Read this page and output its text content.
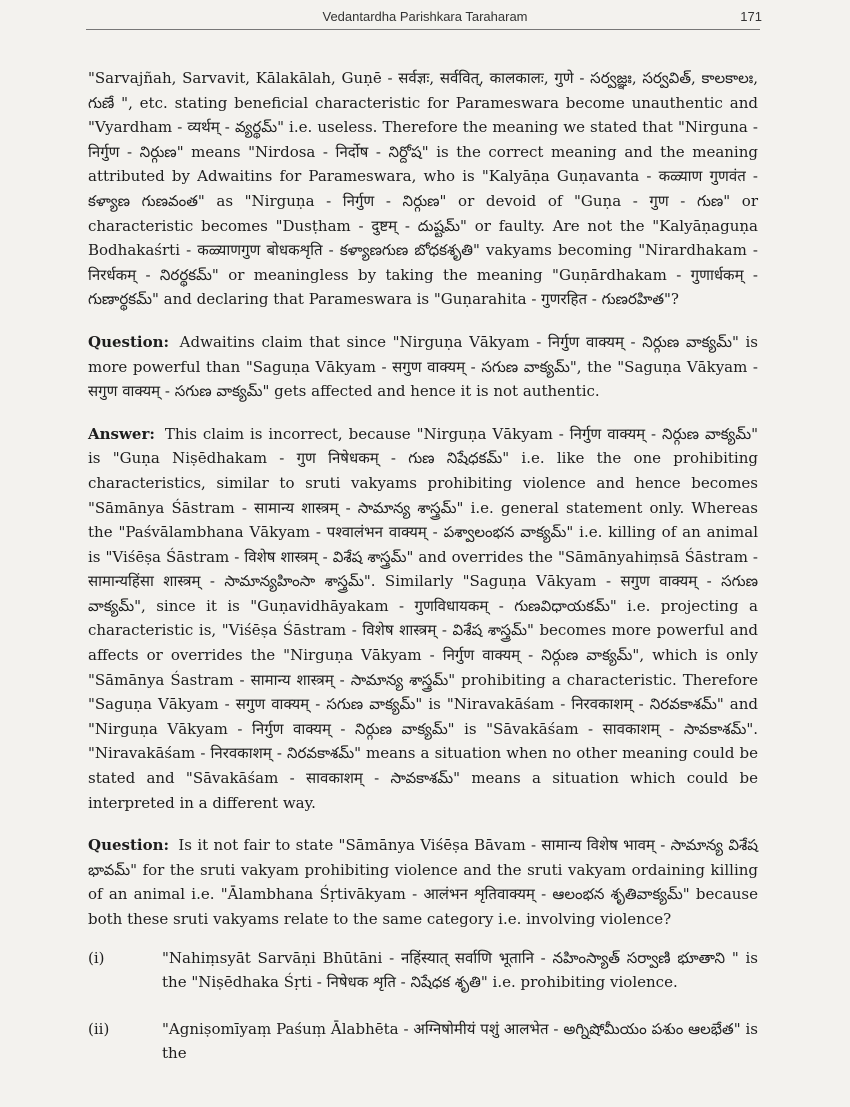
Vedantardha Parishkara Taraharam	171

"Sarvajñah, Sarvavit, Kālakālah, Guṇē - सर्वज्ञः, सर्ववित्, कालकालः, गुणे - సర్వజ్ఞః, సర్వవిత్, కాలకాలః, గుణే ", etc. stating beneficial characteristic for Parameswara become unauthentic and "Vyardham - व्यर्थम् - వ్యర్థమ్" i.e. useless. Therefore the meaning we stated that "Nirguna - निर्गुण - నిర్గుణ" means "Nirdosa - निर्दोष - నిర్దోష" is the correct meaning and the meaning attributed by Adwaitins for Parameswara, who is "Kalyāṇa Guṇavanta - कळ्याण गुणवंत - కళ్యాణ గుణవంత" as "Nirguṇa - निर्गुण - నిర్గుణ" or devoid of "Guṇa - गुण - గుణ" or characteristic becomes "Dusṭham - दुष्टम् - దుష్టమ్" or faulty. Are not the "Kalyāṇaguṇa Bodhakaśrti - कळ्याणगुण बोधकशृति - కళ్యాణగుణ బోధకశృతి" vakyams becoming "Nirardhakam - निरर्धकम् - నిరర్థకమ్" or meaningless by taking the meaning "Guṇārdhakam - गुणार्धकम् - గుణార్థకమ్" and declaring that Parameswara is "Guṇarahita - गुणरहित - గుణరహిత"?

Question: Adwaitins claim that since "Nirguṇa Vākyam - निर्गुण वाक्यम् - నిర్గుణ వాక్యమ్" is more powerful than "Saguṇa Vākyam - सगुण वाक्यम् - సగుణ వాక్యమ్", the "Saguṇa Vākyam - सगुण वाक्यम् - సగుణ వాక్యమ్" gets affected and hence it is not authentic.

Answer: This claim is incorrect, because "Nirguṇa Vākyam - निर्गुण वाक्यम् - నిర్గుణ వాక్యమ్" is "Guṇa Niṣēdhakam - गुण निषेधकम् - గుణ నిషేధకమ్" i.e. like the one prohibiting characteristics, similar to sruti vakyams prohibiting violence and hence becomes "Sāmānya Śāstram - सामान्य शास्त्रम् - సామాన్య శాస్త్రమ్" i.e. general statement only. Whereas the "Paśvālambhana Vākyam - पश्वालंभन वाक्यम् - పశ్వాలంభన వాక్యమ్" i.e. killing of an animal is "Viśēṣa Śāstram - विशेष शास्त्रम् - విశేష శాస్త్రమ్" and overrides the "Sāmānyahiṃsā Śāstram - सामान्यहिंसा शास्त्रम् - సామాన్యహింసా శాస్త్రమ్". Similarly "Saguṇa Vākyam - सगुण वाक्यम् - సగుణ వాక్యమ్", since it is "Guṇavidhāyakam - गुणविधायकम् - గుణవిధాయకమ్" i.e. projecting a characteristic is, "Viśēṣa Śāstram - विशेष शास्त्रम् - విశేష శాస్త్రమ్" becomes more powerful and affects or overrides the "Nirguṇa Vākyam - निर्गुण वाक्यम् - నిర్గుణ వాక్యమ్", which is only "Sāmānya Śastram - सामान्य शास्त्रम् - సామాన్య శాస్త్రమ్" prohibiting a characteristic. Therefore "Saguṇa Vākyam - सगुण वाक्यम् - సగుణ వాక్యమ్" is "Niravakāśam - निरवकाशम् - నిరవకాశమ్" and "Nirguṇa Vākyam - निर्गुण वाक्यम् - నిర్గుణ వాక్యమ్" is "Sāvakāśam - सावकाशम् - సావకాశమ్". "Niravakāśam - निरवकाशम् - నిరవకాశమ్" means a situation when no other meaning could be stated and "Sāvakāśam - सावकाशम् - సావకాశమ్" means a situation which could be interpreted in a different way.

Question: Is it not fair to state "Sāmānya Viśēṣa Bāvam - सामान्य विशेष भावम् - సామాన్య విశేష భావమ్" for the sruti vakyam prohibiting violence and the sruti vakyam ordaining killing of an animal i.e. "Ālambhana Śṛtivākyam - आलंभन शृतिवाक्यम् - ఆలంభన శృతివాక్యమ్" because both these sruti vakyams relate to the same category i.e. involving violence?

(i)	"Nahiṃsyāt Sarvāṇi Bhūtāni - नहिंस्यात् सर्वाणि भूतानि - నహింస్యాత్ సర్వాణి భూతాని " is the "Niṣēdhaka Śṛti - निषेधक शृति - నిషేధక శృతి" i.e. prohibiting violence.

(ii)	"Agniṣomīyaṃ Paśuṃ Ālabhēta - अग्निषोमीयं पशुं आलभेत - అగ్నిషోమీయం పశుం ఆలభేత" is the
